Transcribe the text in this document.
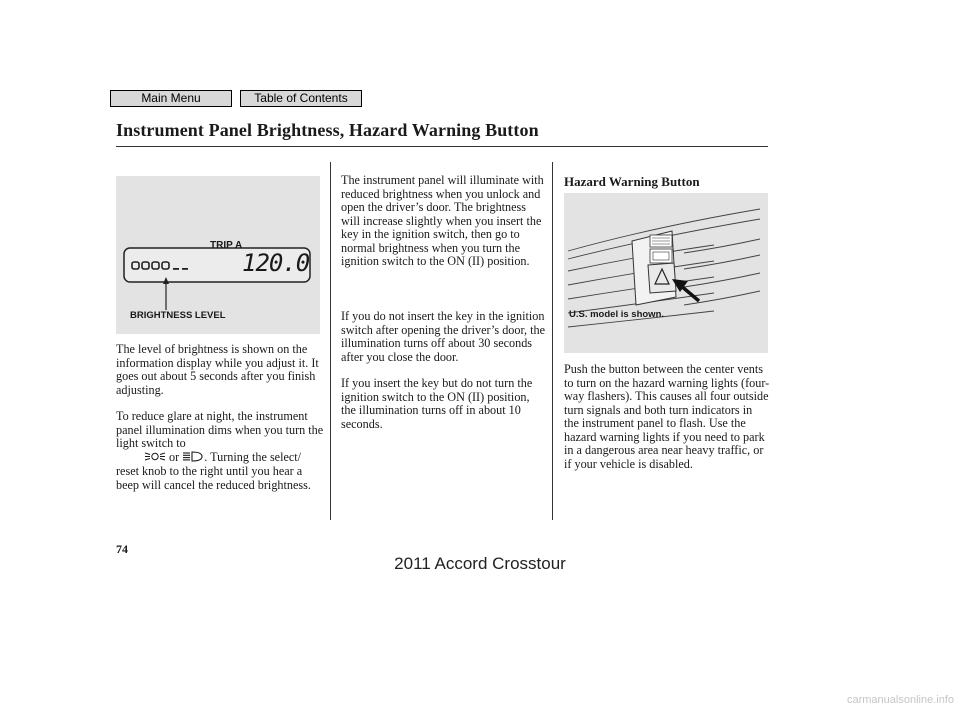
Main Menu	Table of Contents
Instrument Panel Brightness, Hazard Warning Button
TRIP A
120.0
BRIGHTNESS LEVEL	U.S. model is shown.

The level of brightness is shown on the information display while you adjust it. It goes out about 5 seconds after you finish adjusting.

To reduce glare at night, the instrument panel illumination dims when you turn the light switch to
or . Turning the select/ reset knob to the right until you hear a beep will cancel the reduced brightness.

The instrument panel will illuminate with reduced brightness when you unlock and open the driver’s door. The brightness will increase slightly when you insert the key in the ignition switch, then go to normal brightness when you turn the ignition switch to the ON (II) position.

If you do not insert the key in the ignition switch after opening the driver’s door, the illumination turns off about 30 seconds after you close the door.

If you insert the key but do not turn the ignition switch to the ON (II) position, the illumination turns off in about 10 seconds.

Hazard Warning Button

Push the button between the center vents to turn on the hazard warning lights (four-way flashers). This causes all four outside turn signals and both turn indicators in the instrument panel to flash. Use the hazard warning lights if you need to park in a dangerous area near heavy traffic, or if your vehicle is disabled.

74
2011 Accord Crosstour
carmanualsonline.info
